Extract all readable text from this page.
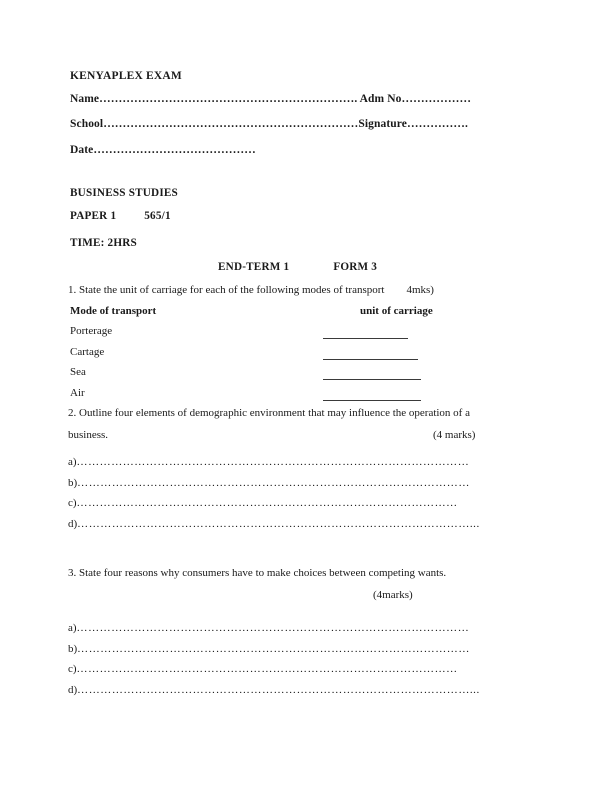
KENYAPLEX EXAM
Name…………………………………………………………. Adm No………………
School…………………………………………………………Signature…………….
Date……………………………………
BUSINESS STUDIES
PAPER 1	565/1
TIME: 2HRS
END-TERM 1	FORM 3
1. State the unit of carriage for each of the following modes of transport 4mks)
Mode of transport	unit of carriage
Porterage
Cartage
Sea
Air
2. Outline four elements of demographic environment that may influence the operation of a
business.	(4 marks)
a)…………………………………………………………………………………………
b)…………………………………………………………………………………………
c)………………………………………………………………………………………
d)…………………………………………………………………………………………...
3. State four reasons why consumers have to make choices between competing wants.
(4marks)
a)…………………………………………………………………………………………
b)…………………………………………………………………………………………
c)………………………………………………………………………………………
d)…………………………………………………………………………………………...
